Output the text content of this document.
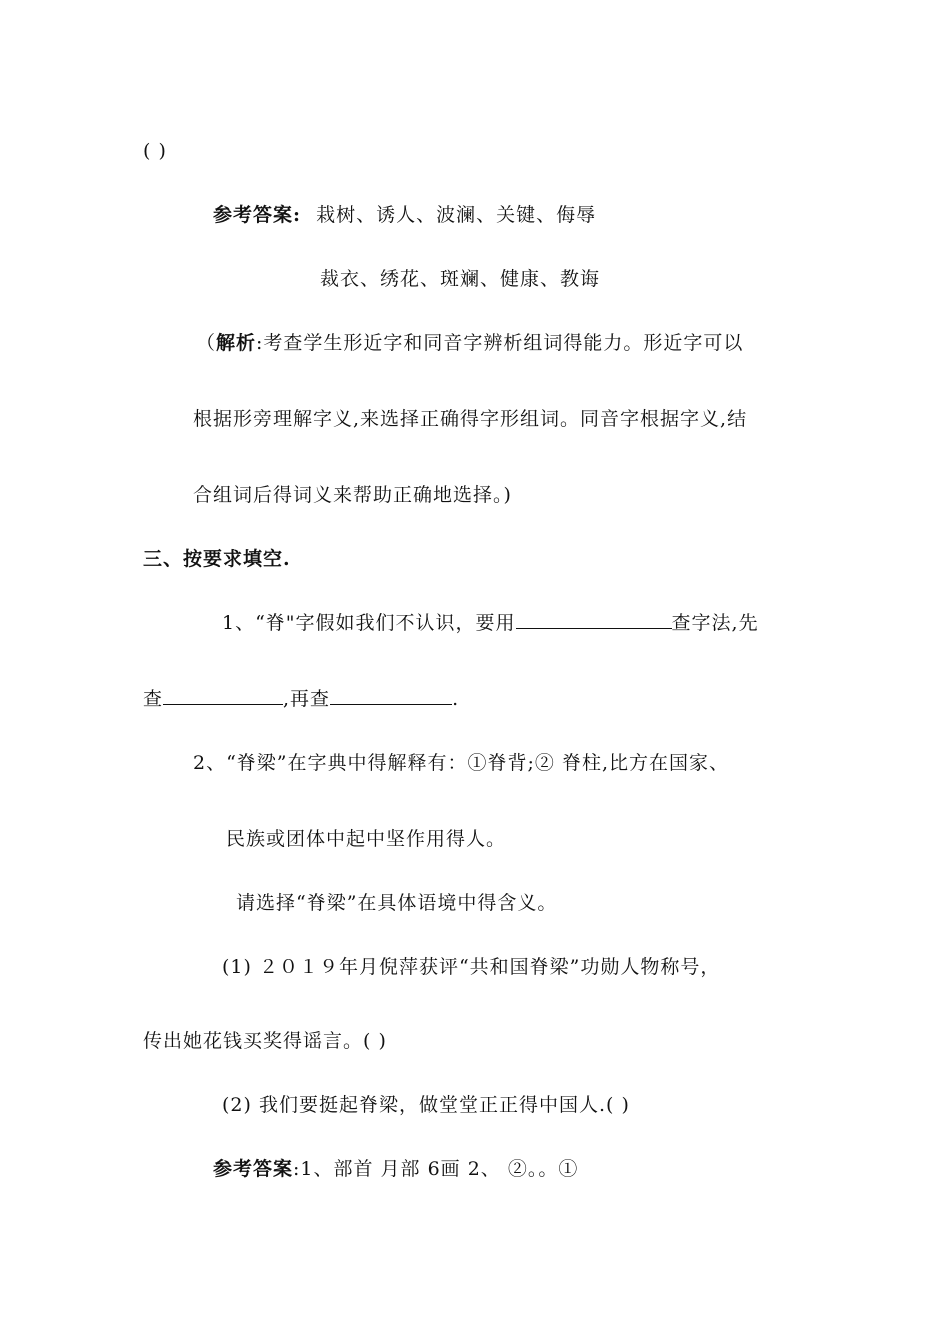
( )
参考答案: 栽树、诱人、波澜、关键、侮辱
裁衣、绣花、斑斓、健康、教诲
（解析:考查学生形近字和同音字辨析组词得能力。形近字可以
根据形旁理解字义,来选择正确得字形组词。同音字根据字义,结
合组词后得词义来帮助正确地选择。)
三、按要求填空.
1、“脊"字假如我们不认识，要用	查字法,先
查	,再查	.
2、“脊梁”在字典中得解释有：①脊背;② 脊柱,比方在国家、
民族或团体中起中坚作用得人。
请选择“脊梁”在具体语境中得含义。
(1) ２０１９年月倪萍获评“共和国脊梁”功勋人物称号，
传出她花钱买奖得谣言。( )
(2) 我们要挺起脊梁，做堂堂正正得中国人.( )
参考答案:1、部首 月部 6画 2、 ②。。①
